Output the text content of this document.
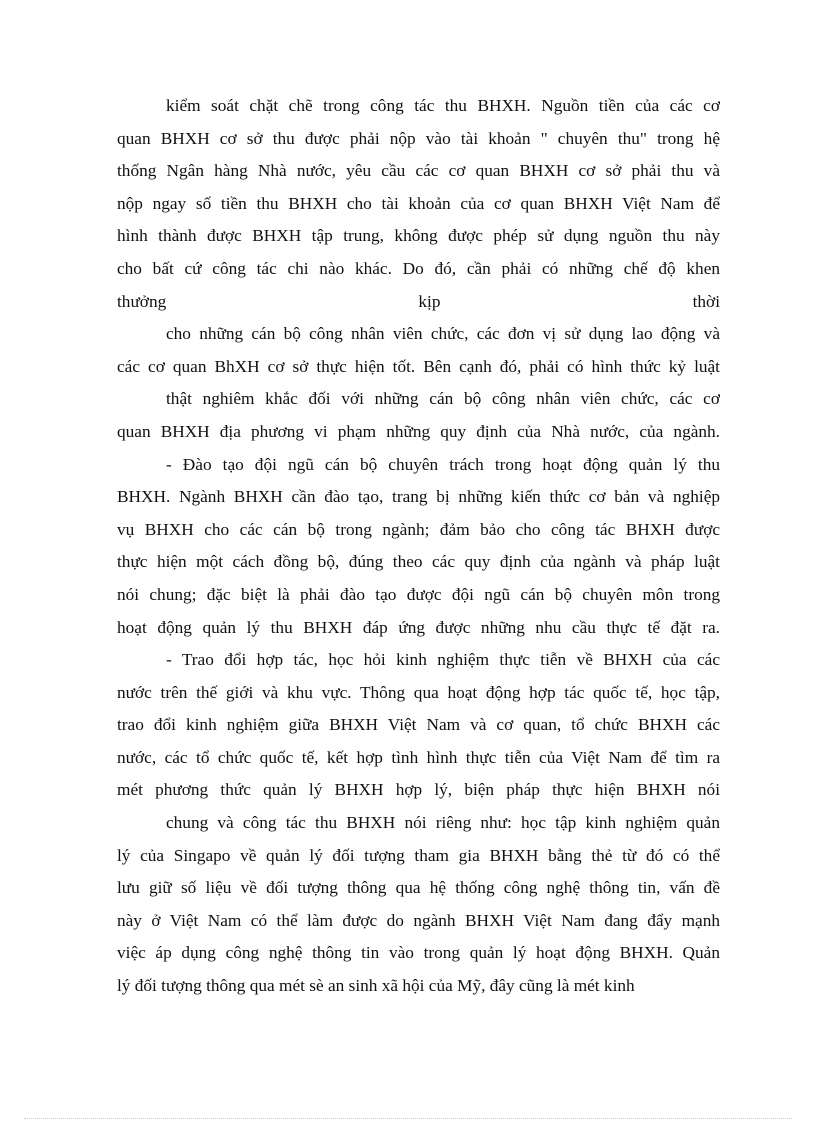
kiểm soát chặt chẽ trong công tác thu BHXH. Nguồn tiền của các cơ
quan BHXH cơ sở thu được phải nộp vào tài khoản " chuyên thu" trong hệ
thống Ngân hàng Nhà nước, yêu cầu các cơ quan BHXH cơ sở phải thu và
nộp ngay số tiền thu BHXH cho tài khoản của cơ quan BHXH Việt Nam để
hình thành được BHXH tập trung, không được phép sử dụng nguồn thu này
cho bất cứ công tác chi nào khác. Do đó, cần phải có những chế độ khen
thưởng kịp thời
cho những cán bộ công nhân viên chức, các đơn vị sử dụng lao động và
các cơ quan BhXH cơ sở thực hiện tốt. Bên cạnh đó, phải có hình thức kỷ luật
thật nghiêm khắc đối với những cán bộ công nhân viên chức, các cơ
quan BHXH địa phương vi phạm những quy định của Nhà nước, của ngành.
- Đào tạo đội ngũ cán bộ chuyên trách trong hoạt động quản lý thu
BHXH. Ngành BHXH cần đào tạo, trang bị những kiến thức cơ bản và nghiệp
vụ BHXH cho các cán bộ trong ngành; đảm bảo cho công tác BHXH được
thực hiện một cách đồng bộ, đúng theo các quy định của ngành và pháp luật
nói chung; đặc biệt là phải đào tạo được đội ngũ cán bộ chuyên môn trong
hoạt động quản lý thu BHXH đáp ứng được những nhu cầu thực tế đặt ra.
- Trao đổi hợp tác, học hỏi kinh nghiệm thực tiễn về BHXH của các
nước trên thế giới và khu vực. Thông qua hoạt động hợp tác quốc tế, học tập,
trao đổi kinh nghiệm giữa BHXH Việt Nam và cơ quan, tổ chức BHXH các
nước, các tổ chức quốc tế, kết hợp tình hình thực tiễn của Việt Nam để tìm ra
mét phương thức quản lý BHXH hợp lý, biện pháp thực hiện BHXH nói
chung và công tác thu BHXH nói riêng như: học tập kinh nghiệm quản
lý của Singapo về quản lý đối tượng tham gia BHXH bằng thẻ từ đó có thể
lưu giữ số liệu về đối tượng thông qua hệ thống công nghệ thông tin, vấn đề
này ở Việt Nam có thể làm được do ngành BHXH Việt Nam đang đẩy mạnh
việc áp dụng công nghệ thông tin vào trong quản lý hoạt động BHXH. Quản
lý đối tượng thông qua mét sè an sinh xã hội của Mỹ, đây cũng là mét kinh
